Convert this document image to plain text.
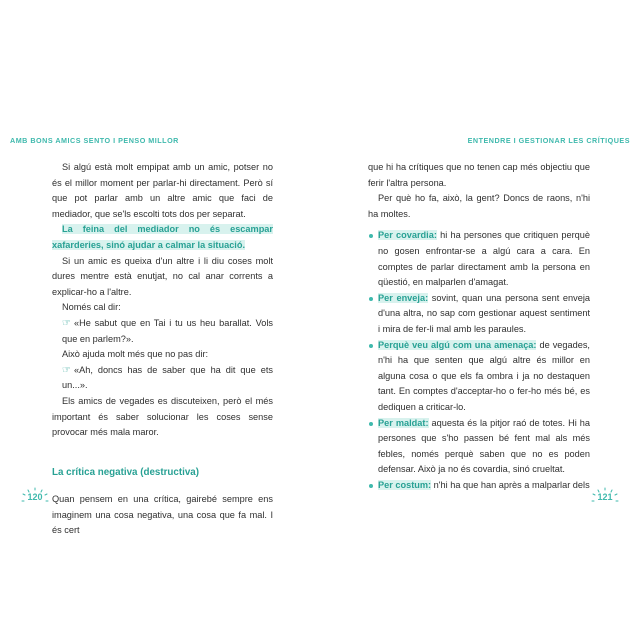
AMB BONS AMICS SENTO I PENSO MILLOR

Si algú està molt empipat amb un amic, potser no és el millor moment per parlar-hi directament. Però sí que pot parlar amb un altre amic que faci de mediador, que se'ls escolti tots dos per separat.

La feina del mediador no és escampar xafarderies, sinó ajudar a calmar la situació.

Si un amic es queixa d'un altre i li diu coses molt dures mentre està enutjat, no cal anar corrents a explicar-ho a l'altre.

Només cal dir:

☞ «He sabut que en Tai i tu us heu barallat. Vols que en parlem?».

Això ajuda molt més que no pas dir:

☞ «Ah, doncs has de saber que ha dit que ets un...».

Els amics de vegades es discuteixen, però el més important és saber solucionar les coses sense provocar més mala maror.

La crítica negativa (destructiva)

Quan pensem en una crítica, gairebé sempre ens imaginem una cosa negativa, una cosa que fa mal. I és cert

120
ENTENDRE I GESTIONAR LES CRÍTIQUES

que hi ha crítiques que no tenen cap més objectiu que ferir l'altra persona.

Per què ho fa, això, la gent? Doncs de raons, n'hi ha moltes.

Per covardia: hi ha persones que critiquen perquè no gosen enfrontar-se a algú cara a cara. En comptes de parlar directament amb la persona en qüestió, en malparlen d'amagat.
Per enveja: sovint, quan una persona sent enveja d'una altra, no sap com gestionar aquest sentiment i mira de fer-li mal amb les paraules.
Perquè veu algú com una amenaça: de vegades, n'hi ha que senten que algú altre és millor en alguna cosa o que els fa ombra i ja no destaquen tant. En comptes d'acceptar-ho o fer-ho més bé, es dediquen a criticar-lo.
Per maldat: aquesta és la pitjor raó de totes. Hi ha persones que s'ho passen bé fent mal als més febles, només perquè saben que no es poden defensar. Això ja no és covardia, sinó crueltat.
Per costum: n'hi ha que han après a malparlar dels
121
